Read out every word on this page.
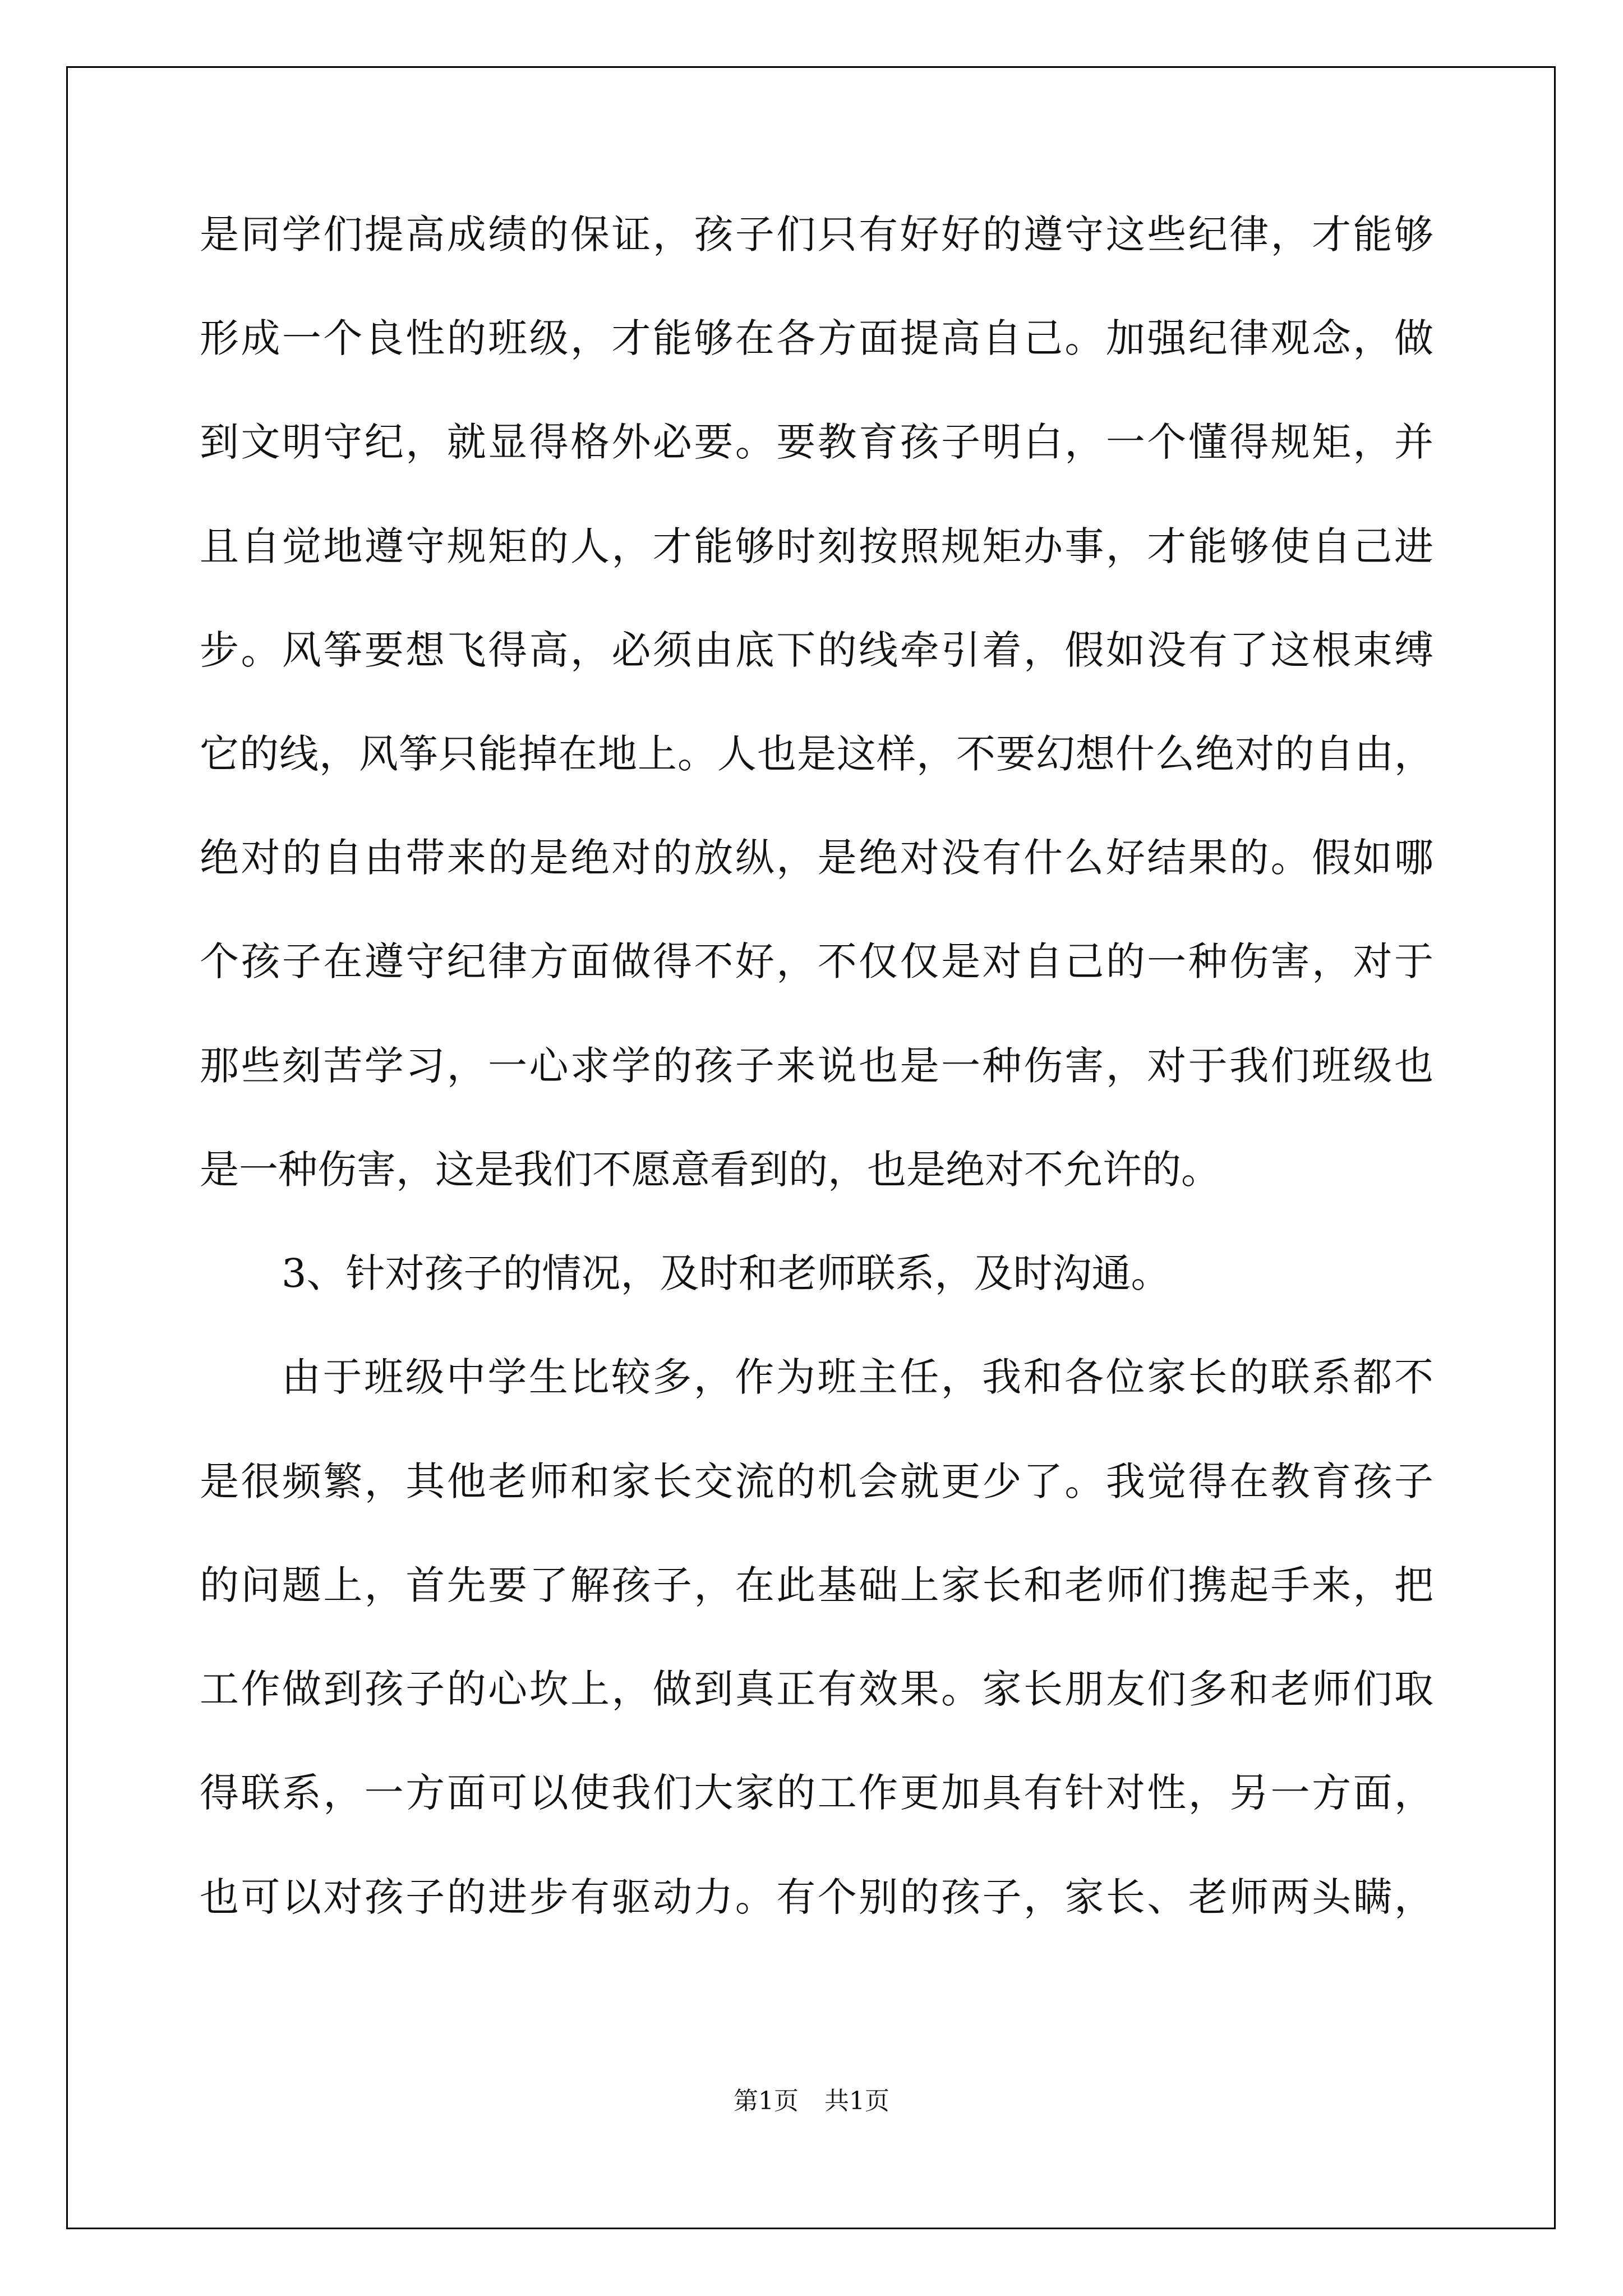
是同学们提高成绩的保证，孩子们只有好好的遵守这些纪律，才能够
形成一个良性的班级，才能够在各方面提高自己。加强纪律观念，做
到文明守纪，就显得格外必要。要教育孩子明白，一个懂得规矩，并
且自觉地遵守规矩的人，才能够时刻按照规矩办事，才能够使自己进
步。风筝要想飞得高，必须由底下的线牵引着，假如没有了这根束缚
它的线，风筝只能掉在地上。人也是这样，不要幻想什么绝对的自由，
绝对的自由带来的是绝对的放纵，是绝对没有什么好结果的。假如哪
个孩子在遵守纪律方面做得不好，不仅仅是对自己的一种伤害，对于
那些刻苦学习，一心求学的孩子来说也是一种伤害，对于我们班级也
是一种伤害，这是我们不愿意看到的，也是绝对不允许的。
3、针对孩子的情况，及时和老师联系，及时沟通。
由于班级中学生比较多，作为班主任，我和各位家长的联系都不
是很频繁，其他老师和家长交流的机会就更少了。我觉得在教育孩子
的问题上，首先要了解孩子，在此基础上家长和老师们携起手来，把
工作做到孩子的心坎上，做到真正有效果。家长朋友们多和老师们取
得联系，一方面可以使我们大家的工作更加具有针对性，另一方面，
也可以对孩子的进步有驱动力。有个别的孩子，家长、老师两头瞒，
第1页 共1页
